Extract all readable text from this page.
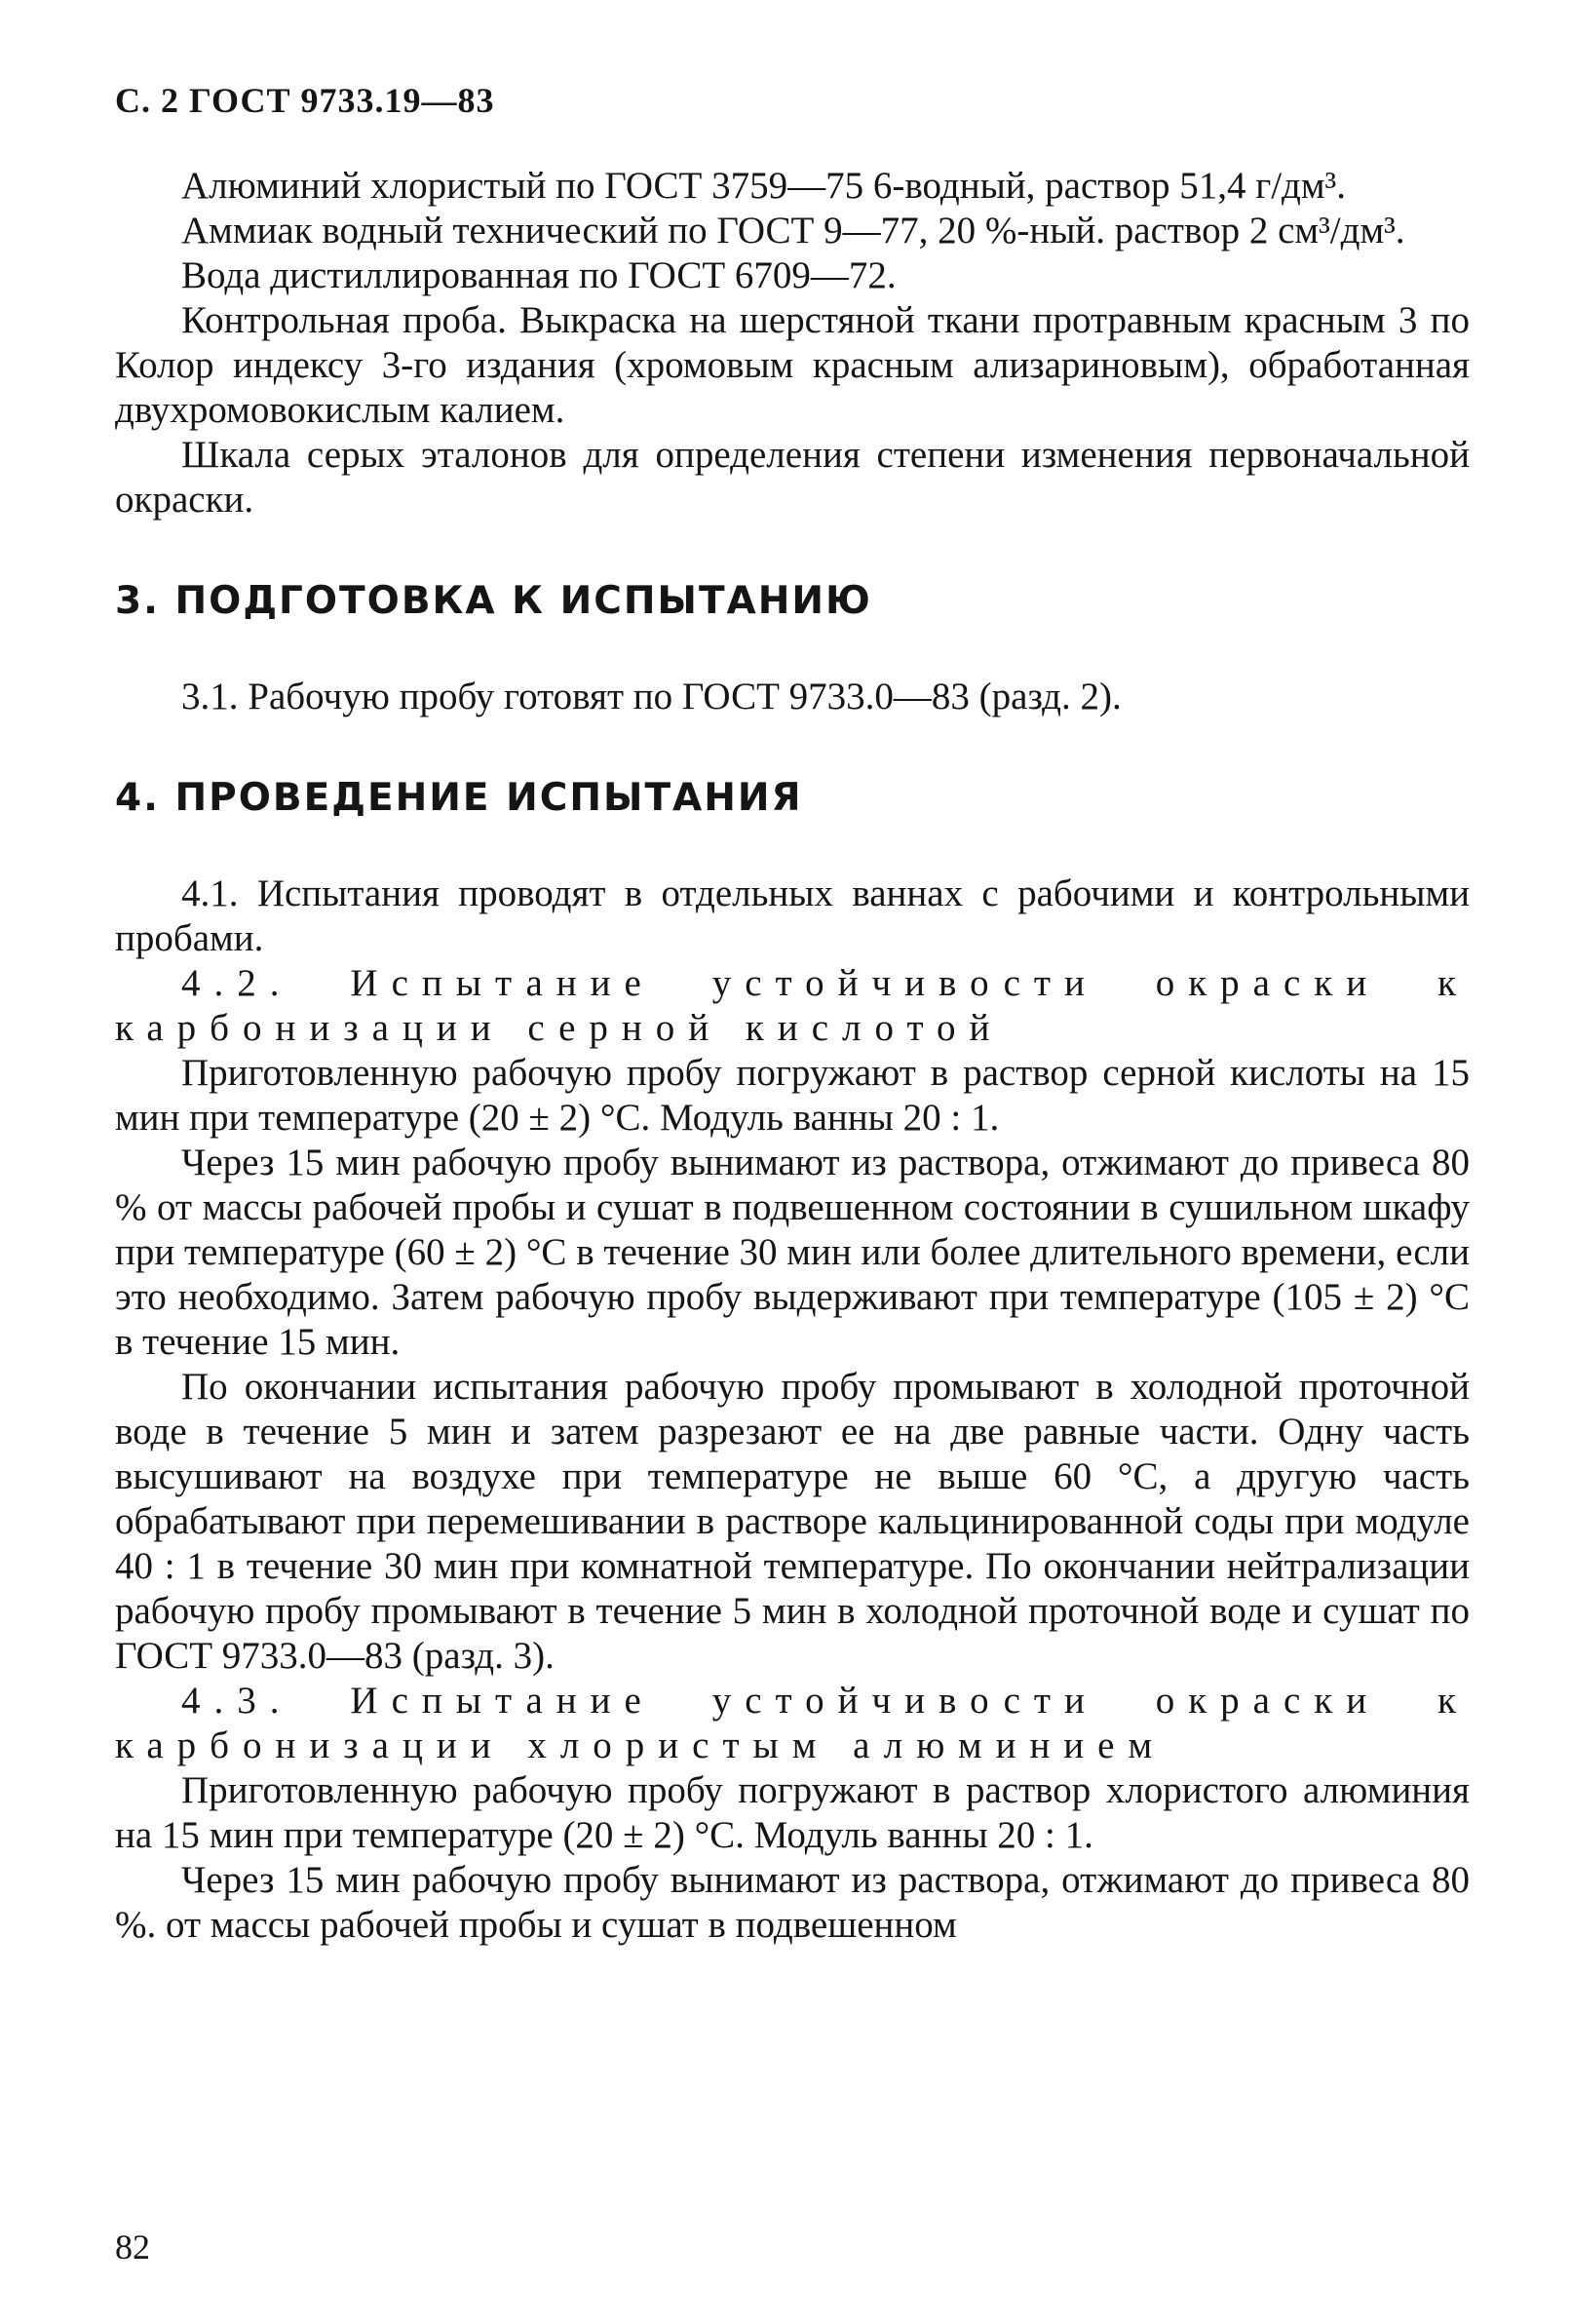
С. 2 ГОСТ 9733.19—83

Алюминий хлористый по ГОСТ 3759—75 6-водный, раствор 51,4 г/дм³.

Аммиак водный технический по ГОСТ 9—77, 20 %-ный. раствор 2 см³/дм³.

Вода дистиллированная по ГОСТ 6709—72.

Контрольная проба. Выкраска на шерстяной ткани протравным красным 3 по Колор индексу 3-го издания (хромовым красным ализариновым), обработанная двухромовокислым калием.

Шкала серых эталонов для определения степени изменения первоначальной окраски.

3. ПОДГОТОВКА К ИСПЫТАНИЮ

3.1. Рабочую пробу готовят по ГОСТ 9733.0—83 (разд. 2).

4. ПРОВЕДЕНИЕ ИСПЫТАНИЯ

4.1. Испытания проводят в отдельных ваннах с рабочими и контрольными пробами.

4.2. Испытание устойчивости окраски к карбонизации серной кислотой

Приготовленную рабочую пробу погружают в раствор серной кислоты на 15 мин при температуре (20 ± 2) °С. Модуль ванны 20 : 1.

Через 15 мин рабочую пробу вынимают из раствора, отжимают до привеса 80 % от массы рабочей пробы и сушат в подвешенном состоянии в сушильном шкафу при температуре (60 ± 2) °С в течение 30 мин или более длительного времени, если это необходимо. Затем рабочую пробу выдерживают при температуре (105 ± 2) °С в течение 15 мин.

По окончании испытания рабочую пробу промывают в холодной проточной воде в течение 5 мин и затем разрезают ее на две равные части. Одну часть высушивают на воздухе при температуре не выше 60 °С, а другую часть обрабатывают при перемешивании в растворе кальцинированной соды при модуле 40 : 1 в течение 30 мин при комнатной температуре. По окончании нейтрализации рабочую пробу промывают в течение 5 мин в холодной проточной воде и сушат по ГОСТ 9733.0—83 (разд. 3).

4.3. Испытание устойчивости окраски к карбонизации хлористым алюминием

Приготовленную рабочую пробу погружают в раствор хлористого алюминия на 15 мин при температуре (20 ± 2) °С. Модуль ванны 20 : 1.

Через 15 мин рабочую пробу вынимают из раствора, отжимают до привеса 80 %. от массы рабочей пробы и сушат в подвешенном

82
